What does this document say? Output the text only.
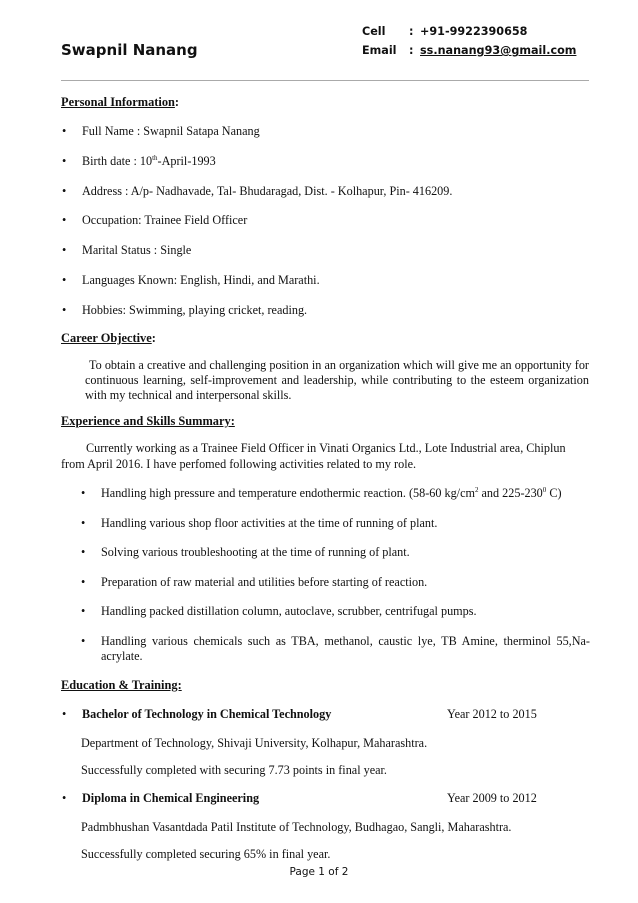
Swapnil Nanang
Cell : +91-9922390658
Email : ss.nanang93@gmail.com
Personal Information:
•	Full Name : Swapnil Satapa Nanang
•	Birth date : 10th-April-1993
•	Address : A/p- Nadhavade, Tal- Bhudaragad, Dist. - Kolhapur, Pin- 416209.
•	Occupation: Trainee Field Officer
•	Marital Status : Single
•	Languages Known: English, Hindi, and Marathi.
•	Hobbies: Swimming, playing cricket, reading.
Career Objective:
To obtain a creative and challenging position in an organization which will give me an opportunity for continuous learning, self-improvement and leadership, while contributing to the esteem organization with my technical and interpersonal skills.
Experience and Skills Summary:
Currently working as a Trainee Field Officer in Vinati Organics Ltd., Lote Industrial area, Chiplun
from April 2016. I have perfomed following activities related to my role.
•	Handling high pressure and temperature endothermic reaction. (58-60 $kg/cm^2$ and $225-230^0$ C)
•	Handling various shop floor activities at the time of running of plant.
•	Solving various troubleshooting at the time of running of plant.
•	Preparation of raw material and utilities before starting of reaction.
•	Handling packed distillation column, autoclave, scrubber, centrifugal pumps.
•	Handling various chemicals such as TBA, methanol, caustic lye, TB Amine, therminol 55,Na-acrylate.
Education & Training:
•	Bachelor of Technology in Chemical Technology	Year 2012 to 2015
Department of Technology, Shivaji University, Kolhapur, Maharashtra.
Successfully completed with securing 7.73 points in final year.
•	Diploma in Chemical Engineering	Year 2009 to 2012
Padmbhushan Vasantdada Patil Institute of Technology, Budhagao, Sangli, Maharashtra.
Successfully completed securing 65% in final year.
Page 1 of 2
